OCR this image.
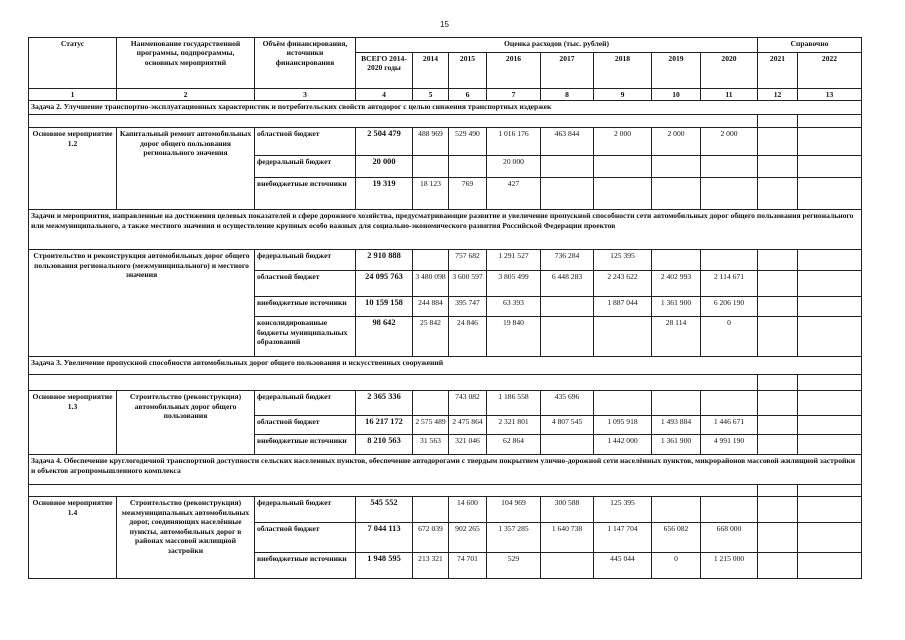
15
Статус	Наименование государственной программы, подпрограммы, основных мероприятий	Объём финансирования, источники финансирования	Оценка расходов (тыс. рублей)								Справочно	
			ВСЕГО 2014-2020 годы	2014	2015	2016	2017	2018	2019	2020	2021	2022
1	2	3	4	5	6	7	8	9	10	11	12	13
Задача 2. Улучшение транспортно-эксплуатационных характеристик и потребительских свойств автодорог с целью снижения транспортных издержек												

Основное мероприятие 1.2	Капитальный ремонт автомобильных дорог общего пользования регионального значения	областной бюджет	2 504 479	488 969	529 490	1 016 176	463 844	2 000	2 000	2 000		
		федеральный бюджет	20 000			20 000						
		внебюджетные источники	19 319	18 123	769	427						
Задачи и мероприятия, направленные на достижения целевых показателей в сфере дорожного хозяйства, предусматривающие развитие и увеличение пропускной способности сети автомобильных дорог общего пользования регионального или межмуниципального, а также местного значения и осуществление крупных особо важных для социально-экономического развития Российской Федерации проектов												
Строительство и реконструкция автомобильных дорог общего пользования регионального (межмуниципального) и местного значения		федеральный бюджет	2 910 888		757 682	1 291 527	736 284	125 395				
		областной бюджет	24 095 763	3 480 098	3 600 597	3 805 499	6 448 283	2 243 622	2 402 993	2 114 671		
		внебюджетные источники	10 159 158	244 884	395 747	63 393		1 887 044	1 361 900	6 206 190		
		консолидированные бюджеты муниципальных образований	98 642	25 842	24 846	19 840			28 114	0		
Задача 3. Увеличение пропускной способности автомобильных дорог общего пользования и искусственных сооружений												

Основное мероприятие 1.3	Строительство (реконструкция) автомобильных дорог общего пользования	федеральный бюджет	2 365 336		743 082	1 186 558	435 696					
		областной бюджет	16 217 172	2 575 489	2 475 864	2 321 801	4 807 545	1 095 918	1 493 884	1 446 671		
		внебюджетные источники	8 210 563	31 563	321 046	62 864		1 442 000	1 361 900	4 991 190		
Задача 4. Обеспечение круглогодичной транспортной доступности сельских населенных пунктов, обеспечение автодорогами с твердым покрытием улично-дорожной сети населённых пунктов, микрорайонов массовой жилищной застройки и объектов агропромышленного комплекса												

Основное мероприятие 1.4	Строительство (реконструкция) межмуниципальных автомобильных дорог, соединяющих населённые пункты, автомобильных дорог в районах массовой жилищной застройки	федеральный бюджет	545 552		14 600	104 969	300 588	125 395				
		областной бюджет	7 044 113	672 039	902 265	1 357 285	1 640 738	1 147 704	656 082	668 000		
		внебюджетные источники	1 948 595	213 321	74 701	529		445 044	0	1 215 000		
